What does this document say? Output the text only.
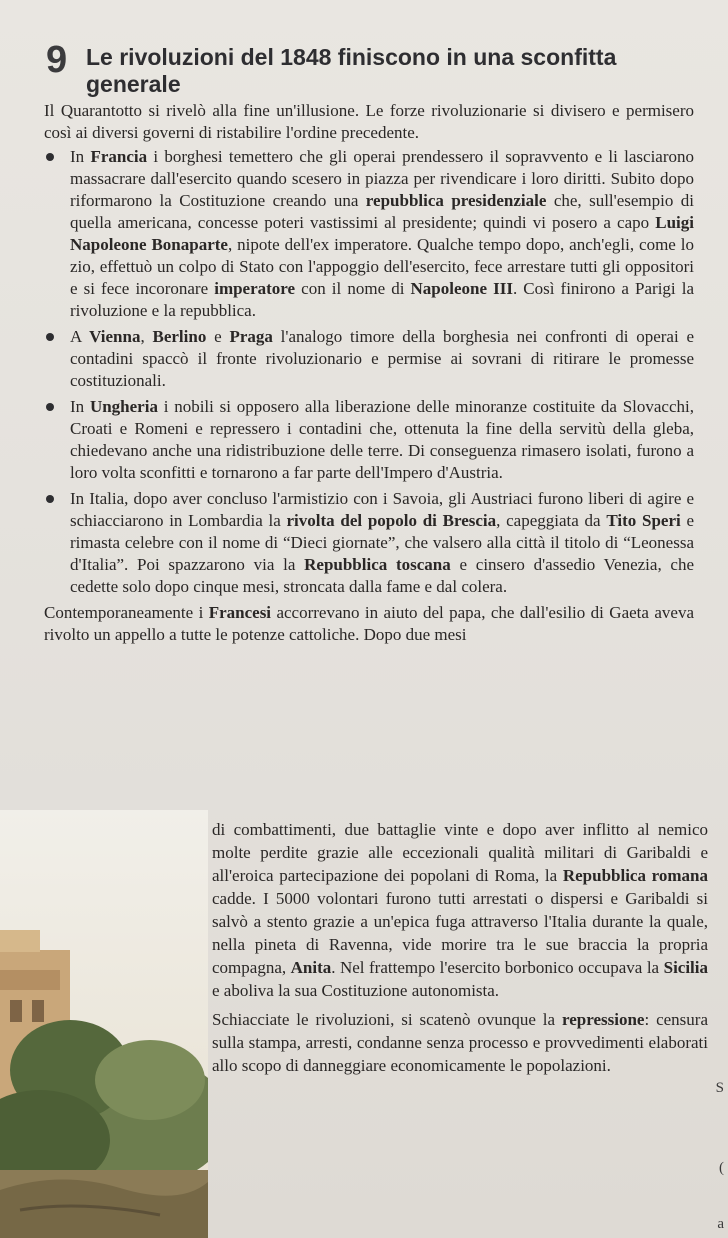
9 Le rivoluzioni del 1848 finiscono in una sconfitta generale

Il Quarantotto si rivelò alla fine un'illusione. Le forze rivoluzionarie si divisero e permisero così ai diversi governi di ristabilire l'ordine precedente.

In Francia i borghesi temettero che gli operai prendessero il sopravvento e li lasciarono massacrare dall'esercito quando scesero in piazza per rivendicare i loro diritti. Subito dopo riformarono la Costituzione creando una repubblica presidenziale che, sull'esempio di quella americana, concesse poteri vastissimi al presidente; quindi vi posero a capo Luigi Napoleone Bonaparte, nipote dell'ex imperatore. Qualche tempo dopo, anch'egli, come lo zio, effettuò un colpo di Stato con l'appoggio dell'esercito, fece arrestare tutti gli oppositori e si fece incoronare imperatore con il nome di Napoleone III. Così finirono a Parigi la rivoluzione e la repubblica.
A Vienna, Berlino e Praga l'analogo timore della borghesia nei confronti di operai e contadini spaccò il fronte rivoluzionario e permise ai sovrani di ritirare le promesse costituzionali.
In Ungheria i nobili si opposero alla liberazione delle minoranze costituite da Slovacchi, Croati e Romeni e repressero i contadini che, ottenuta la fine della servitù della gleba, chiedevano anche una ridistribuzione delle terre. Di conseguenza rimasero isolati, furono a loro volta sconfitti e tornarono a far parte dell'Impero d'Austria.
In Italia, dopo aver concluso l'armistizio con i Savoia, gli Austriaci furono liberi di agire e schiacciarono in Lombardia la rivolta del popolo di Brescia, capeggiata da Tito Speri e rimasta celebre con il nome di “Dieci giornate”, che valsero alla città il titolo di “Leonessa d'Italia”. Poi spazzarono via la Repubblica toscana e cinsero d'assedio Venezia, che cedette solo dopo cinque mesi, stroncata dalla fame e dal colera.

Contemporaneamente i Francesi accorrevano in aiuto del papa, che dall'esilio di Gaeta aveva rivolto un appello a tutte le potenze cattoliche. Dopo due mesi

di combattimenti, due battaglie vinte e dopo aver inflitto al nemico molte perdite grazie alle eccezionali qualità militari di Garibaldi e all'eroica partecipazione dei popolani di Roma, la Repubblica romana cadde. I 5000 volontari furono tutti arrestati o dispersi e Garibaldi si salvò a stento grazie a un'epica fuga attraverso l'Italia durante la quale, nella pineta di Ravenna, vide morire tra le sue braccia la propria compagna, Anita. Nel frattempo l'esercito borbonico occupava la Sicilia e aboliva la sua Costituzione autonomista.

Schiacciate le rivoluzioni, si scatenò ovunque la repressione: censura sulla stampa, arresti, condanne senza processo e provvedimenti elaborati allo scopo di danneggiare economicamente le popolazioni.

S
(
a
